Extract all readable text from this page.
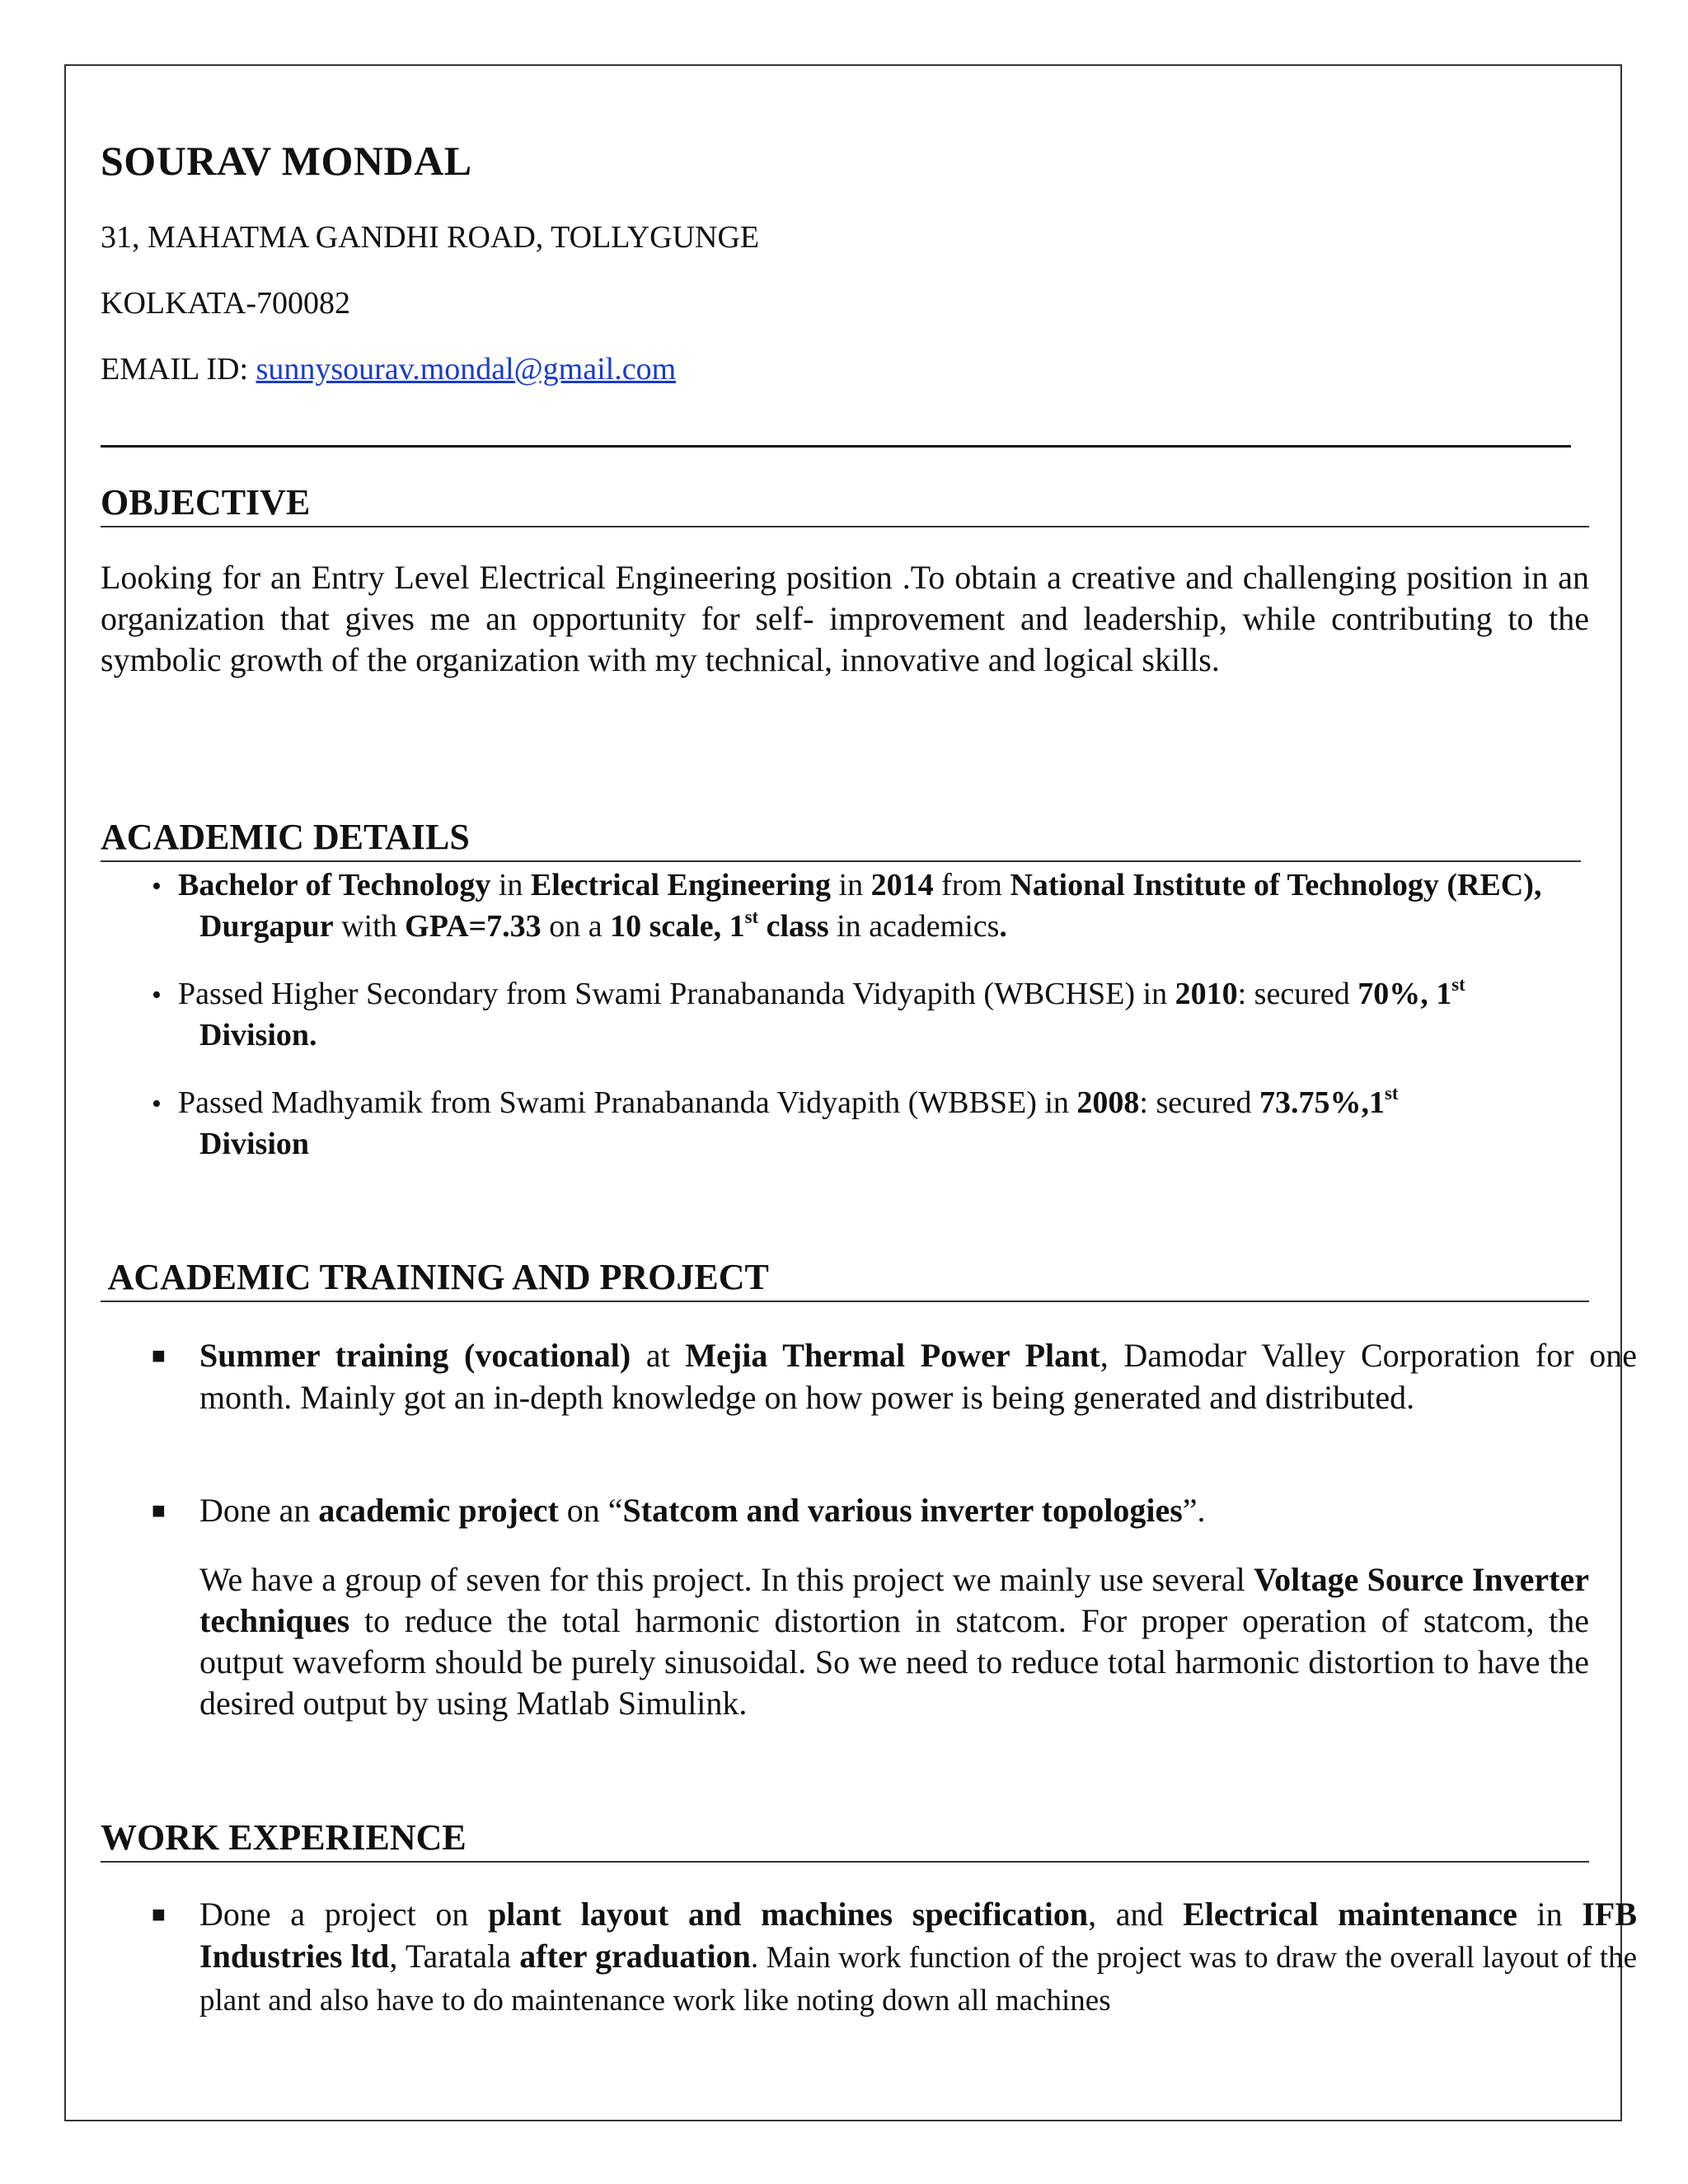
SOURAV MONDAL
31, MAHATMA GANDHI ROAD, TOLLYGUNGE
KOLKATA-700082
EMAIL ID: sunnysourav.mondal@gmail.com
OBJECTIVE
Looking for an Entry Level Electrical Engineering position .To obtain a creative and challenging position in an organization that gives me an opportunity for self- improvement and leadership, while contributing to the symbolic growth of the organization with my technical, innovative and logical skills.
ACADEMIC DETAILS
• Bachelor of Technology in Electrical Engineering in 2014 from National Institute of Technology (REC), Durgapur with GPA=7.33 on a 10 scale, 1st class in academics.
• Passed Higher Secondary from Swami Pranabananda Vidyapith (WBCHSE) in 2010: secured 70%, 1st
Division.
• Passed Madhyamik from Swami Pranabananda Vidyapith (WBBSE) in 2008: secured 73.75%,1st
Division
ACADEMIC TRAINING AND PROJECT
■ Summer training (vocational) at Mejia Thermal Power Plant, Damodar Valley Corporation for one month. Mainly got an in-depth knowledge on how power is being generated and distributed.
■ Done an academic project on “Statcom and various inverter topologies”.
We have a group of seven for this project. In this project we mainly use several Voltage Source Inverter techniques to reduce the total harmonic distortion in statcom. For proper operation of statcom, the output waveform should be purely sinusoidal. So we need to reduce total harmonic distortion to have the desired output by using Matlab Simulink.
WORK EXPERIENCE
■ Done a project on plant layout and machines specification, and Electrical maintenance in IFB Industries ltd, Taratala after graduation. Main work function of the project was to draw the overall layout of the plant and also have to do maintenance work like noting down all machines
